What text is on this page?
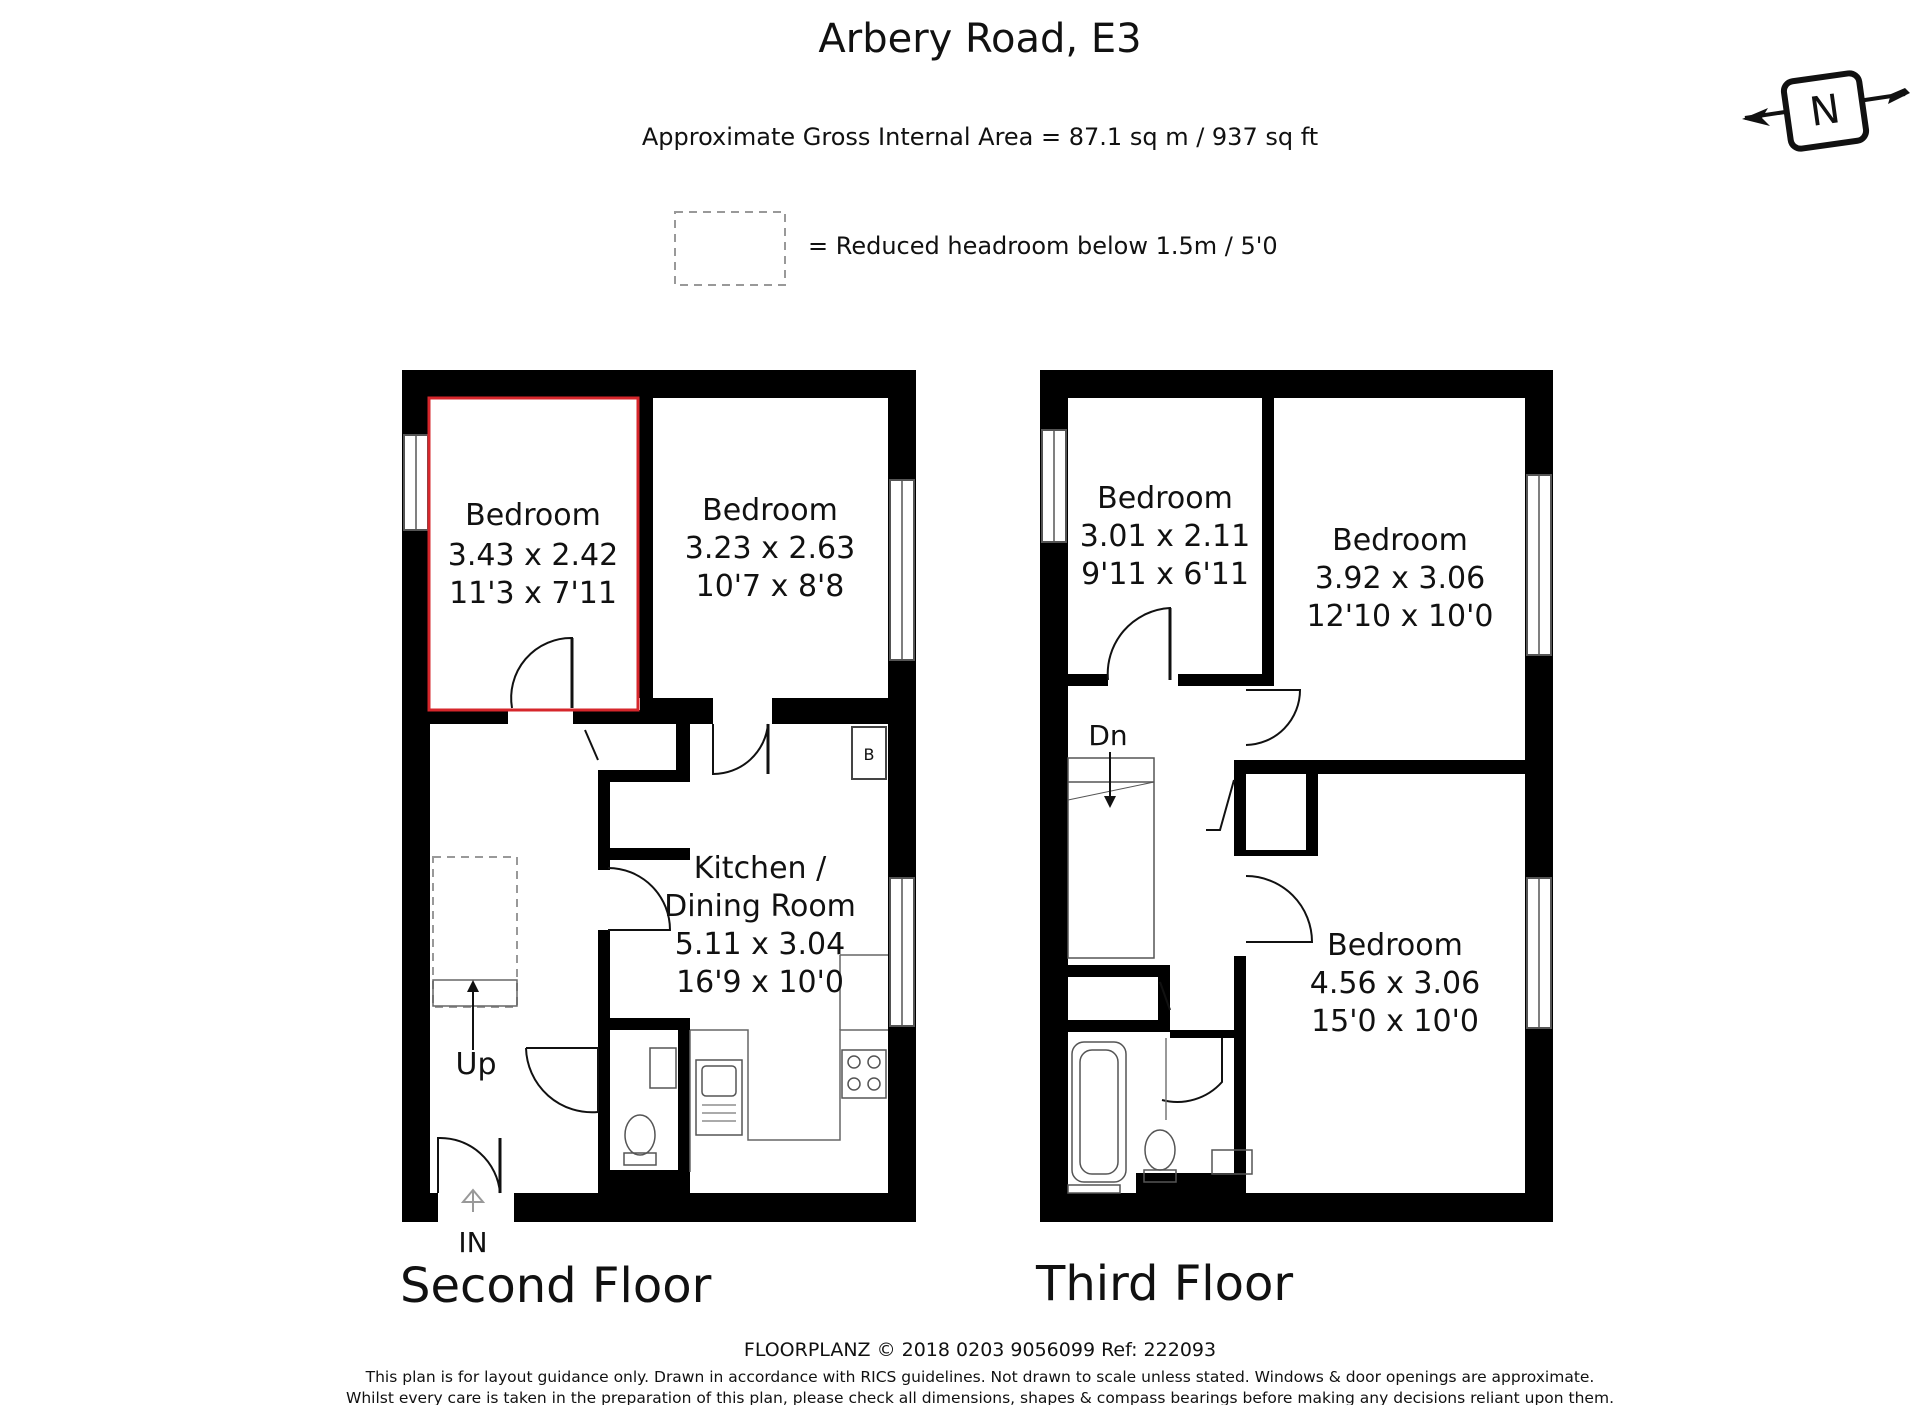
Arbery Road, E3
Approximate Gross Internal Area = 87.1 sq m / 937 sq ft
= Reduced headroom below 1.5m / 5'0
N
B
Up
Bedroom
3.43 x 2.42
11'3 x 7'11
Bedroom
3.23 x 2.63
10'7 x 8'8
Kitchen /
Dining Room
5.11 x 3.04
16'9 x 10'0
IN
Second Floor
Dn
Bedroom
3.01 x 2.11
9'11 x 6'11
Bedroom
3.92 x 3.06
12'10 x 10'0
Bedroom
4.56 x 3.06
15'0 x 10'0
Third Floor
FLOORPLANZ © 2018 0203 9056099 Ref: 222093
This plan is for layout guidance only. Drawn in accordance with RICS guidelines. Not drawn to scale unless stated. Windows & door openings are approximate.
Whilst every care is taken in the preparation of this plan, please check all dimensions, shapes & compass bearings before making any decisions reliant upon them.
